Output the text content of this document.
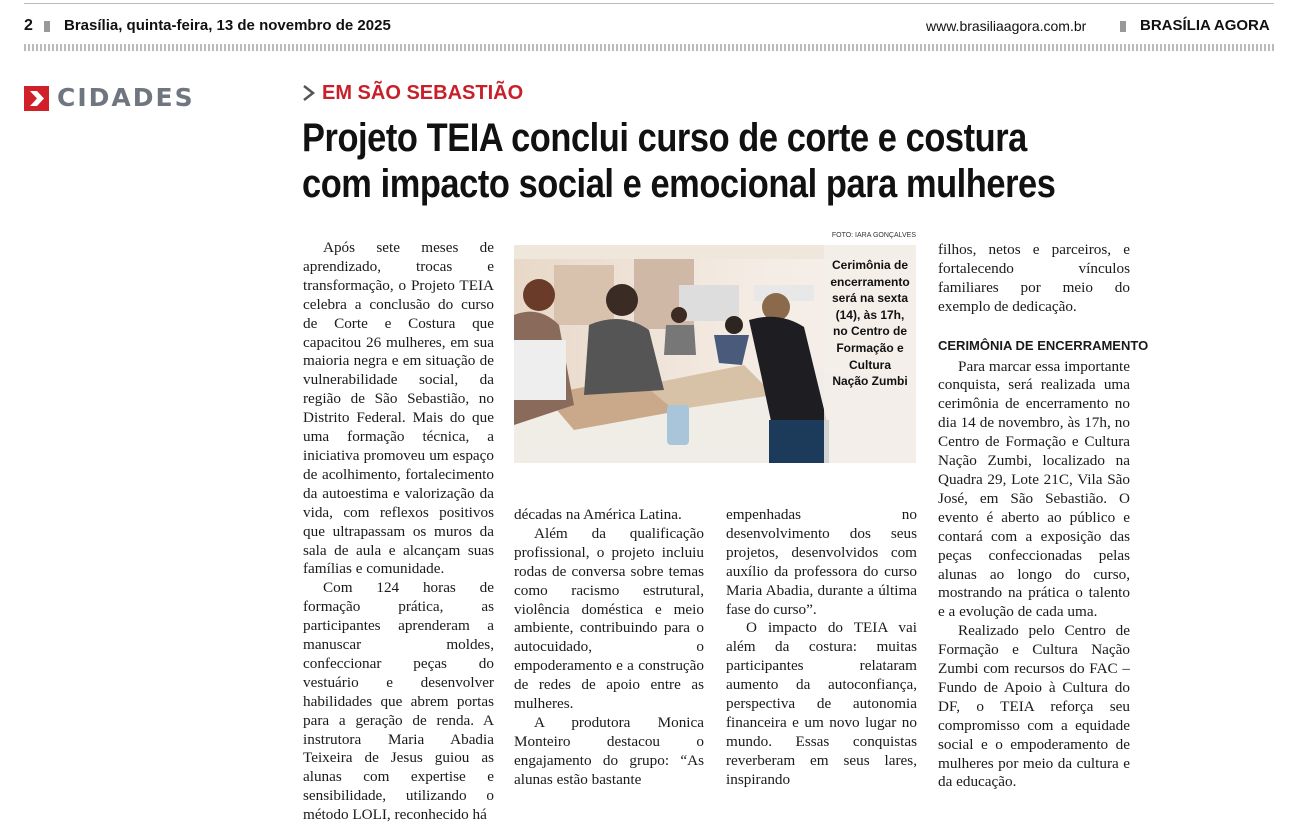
2 Brasília, quinta-feira, 13 de novembro de 2025	www.brasiliaagora.com.br	BRASÍLIA AGORA
CIDADES	EM SÃO SEBASTIÃO
Projeto TEIA conclui curso de corte e costura
com impacto social e emocional para mulheres
FOTO: IARA GONÇALVES
Cerimônia de encerramento será na sexta (14), às 17h, no Centro de Formação e Cultura Nação Zumbi

Após sete meses de aprendizado, trocas e transformação, o Projeto TEIA celebra a conclusão do curso de Corte e Costura que capacitou 26 mulheres, em sua maioria negra e em situação de vulnerabilidade social, da região de São Sebastião, no Distrito Federal. Mais do que uma formação técnica, a iniciativa promoveu um espaço de acolhimento, fortalecimento da autoestima e valorização da vida, com reflexos positivos que ultrapassam os muros da sala de aula e alcançam suas famílias e comunidade.

Com 124 horas de formação prática, as participantes aprenderam a manuscar moldes, confeccionar peças do vestuário e desenvolver habilidades que abrem portas para a geração de renda. A instrutora Maria Abadia Teixeira de Jesus guiou as alunas com expertise e sensibilidade, utilizando o método LOLI, reconhecido há

décadas na América Latina.

Além da qualificação profissional, o projeto incluiu rodas de conversa sobre temas como racismo estrutural, violência doméstica e meio ambiente, contribuindo para o autocuidado, o empoderamento e a construção de redes de apoio entre as mulheres.

A produtora Monica Monteiro destacou o engajamento do grupo: “As alunas estão bastante

empenhadas no desenvolvimento dos seus projetos, desenvolvidos com auxílio da professora do curso Maria Abadia, durante a última fase do curso”.

O impacto do TEIA vai além da costura: muitas participantes relataram aumento da autoconfiança, perspectiva de autonomia financeira e um novo lugar no mundo. Essas conquistas reverberam em seus lares, inspirando

filhos, netos e parceiros, e fortalecendo vínculos familiares por meio do exemplo de dedicação.

CERIMÔNIA DE ENCERRAMENTO

Para marcar essa importante conquista, será realizada uma cerimônia de encerramento no dia 14 de novembro, às 17h, no Centro de Formação e Cultura Nação Zumbi, localizado na Quadra 29, Lote 21C, Vila São José, em São Sebastião. O evento é aberto ao público e contará com a exposição das peças confeccionadas pelas alunas ao longo do curso, mostrando na prática o talento e a evolução de cada uma.

Realizado pelo Centro de Formação e Cultura Nação Zumbi com recursos do FAC – Fundo de Apoio à Cultura do DF, o TEIA reforça seu compromisso com a equidade social e o empoderamento de mulheres por meio da cultura e da educação.
